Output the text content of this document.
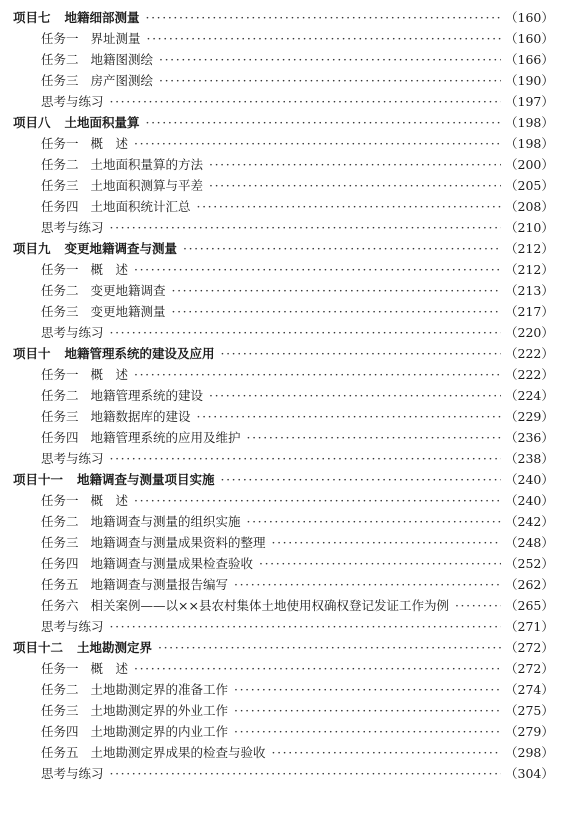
项目七 地籍细部测量 ·····	（160）
任务一 界址测量 ·····	（160）
任务二 地籍图测绘 ·····	（166）
任务三 房产图测绘 ·····	（190）
思考与练习 ·····	（197）
项目八 土地面积量算 ·····	（198）
任务一 概　述 ·····	（198）
任务二 土地面积量算的方法 ·····	（200）
任务三 土地面积测算与平差 ·····	（205）
任务四 土地面积统计汇总 ·····	（208）
思考与练习 ·····	（210）
项目九 变更地籍调查与测量 ·····	（212）
任务一 概　述 ·····	（212）
任务二 变更地籍调查 ·····	（213）
任务三 变更地籍测量 ·····	（217）
思考与练习 ·····	（220）
项目十 地籍管理系统的建设及应用 ·····	（222）
任务一 概　述 ·····	（222）
任务二 地籍管理系统的建设 ·····	（224）
任务三 地籍数据库的建设 ·····	（229）
任务四 地籍管理系统的应用及维护 ·····	（236）
思考与练习 ·····	（238）
项目十一 地籍调查与测量项目实施 ·····	（240）
任务一 概　述 ·····	（240）
任务二 地籍调查与测量的组织实施 ·····	（242）
任务三 地籍调查与测量成果资料的整理 ·····	（248）
任务四 地籍调查与测量成果检查验收 ·····	（252）
任务五 地籍调查与测量报告编写 ·····	（262）
任务六 相关案例——以××县农村集体土地使用权确权登记发证工作为例 ·····	（265）
思考与练习 ·····	（271）
项目十二 土地勘测定界 ·····	（272）
任务一 概　述 ·····	（272）
任务二 土地勘测定界的准备工作 ·····	（274）
任务三 土地勘测定界的外业工作 ·····	（275）
任务四 土地勘测定界的内业工作 ·····	（279）
任务五 土地勘测定界成果的检查与验收 ·····	（298）
思考与练习 ·····	（304）
